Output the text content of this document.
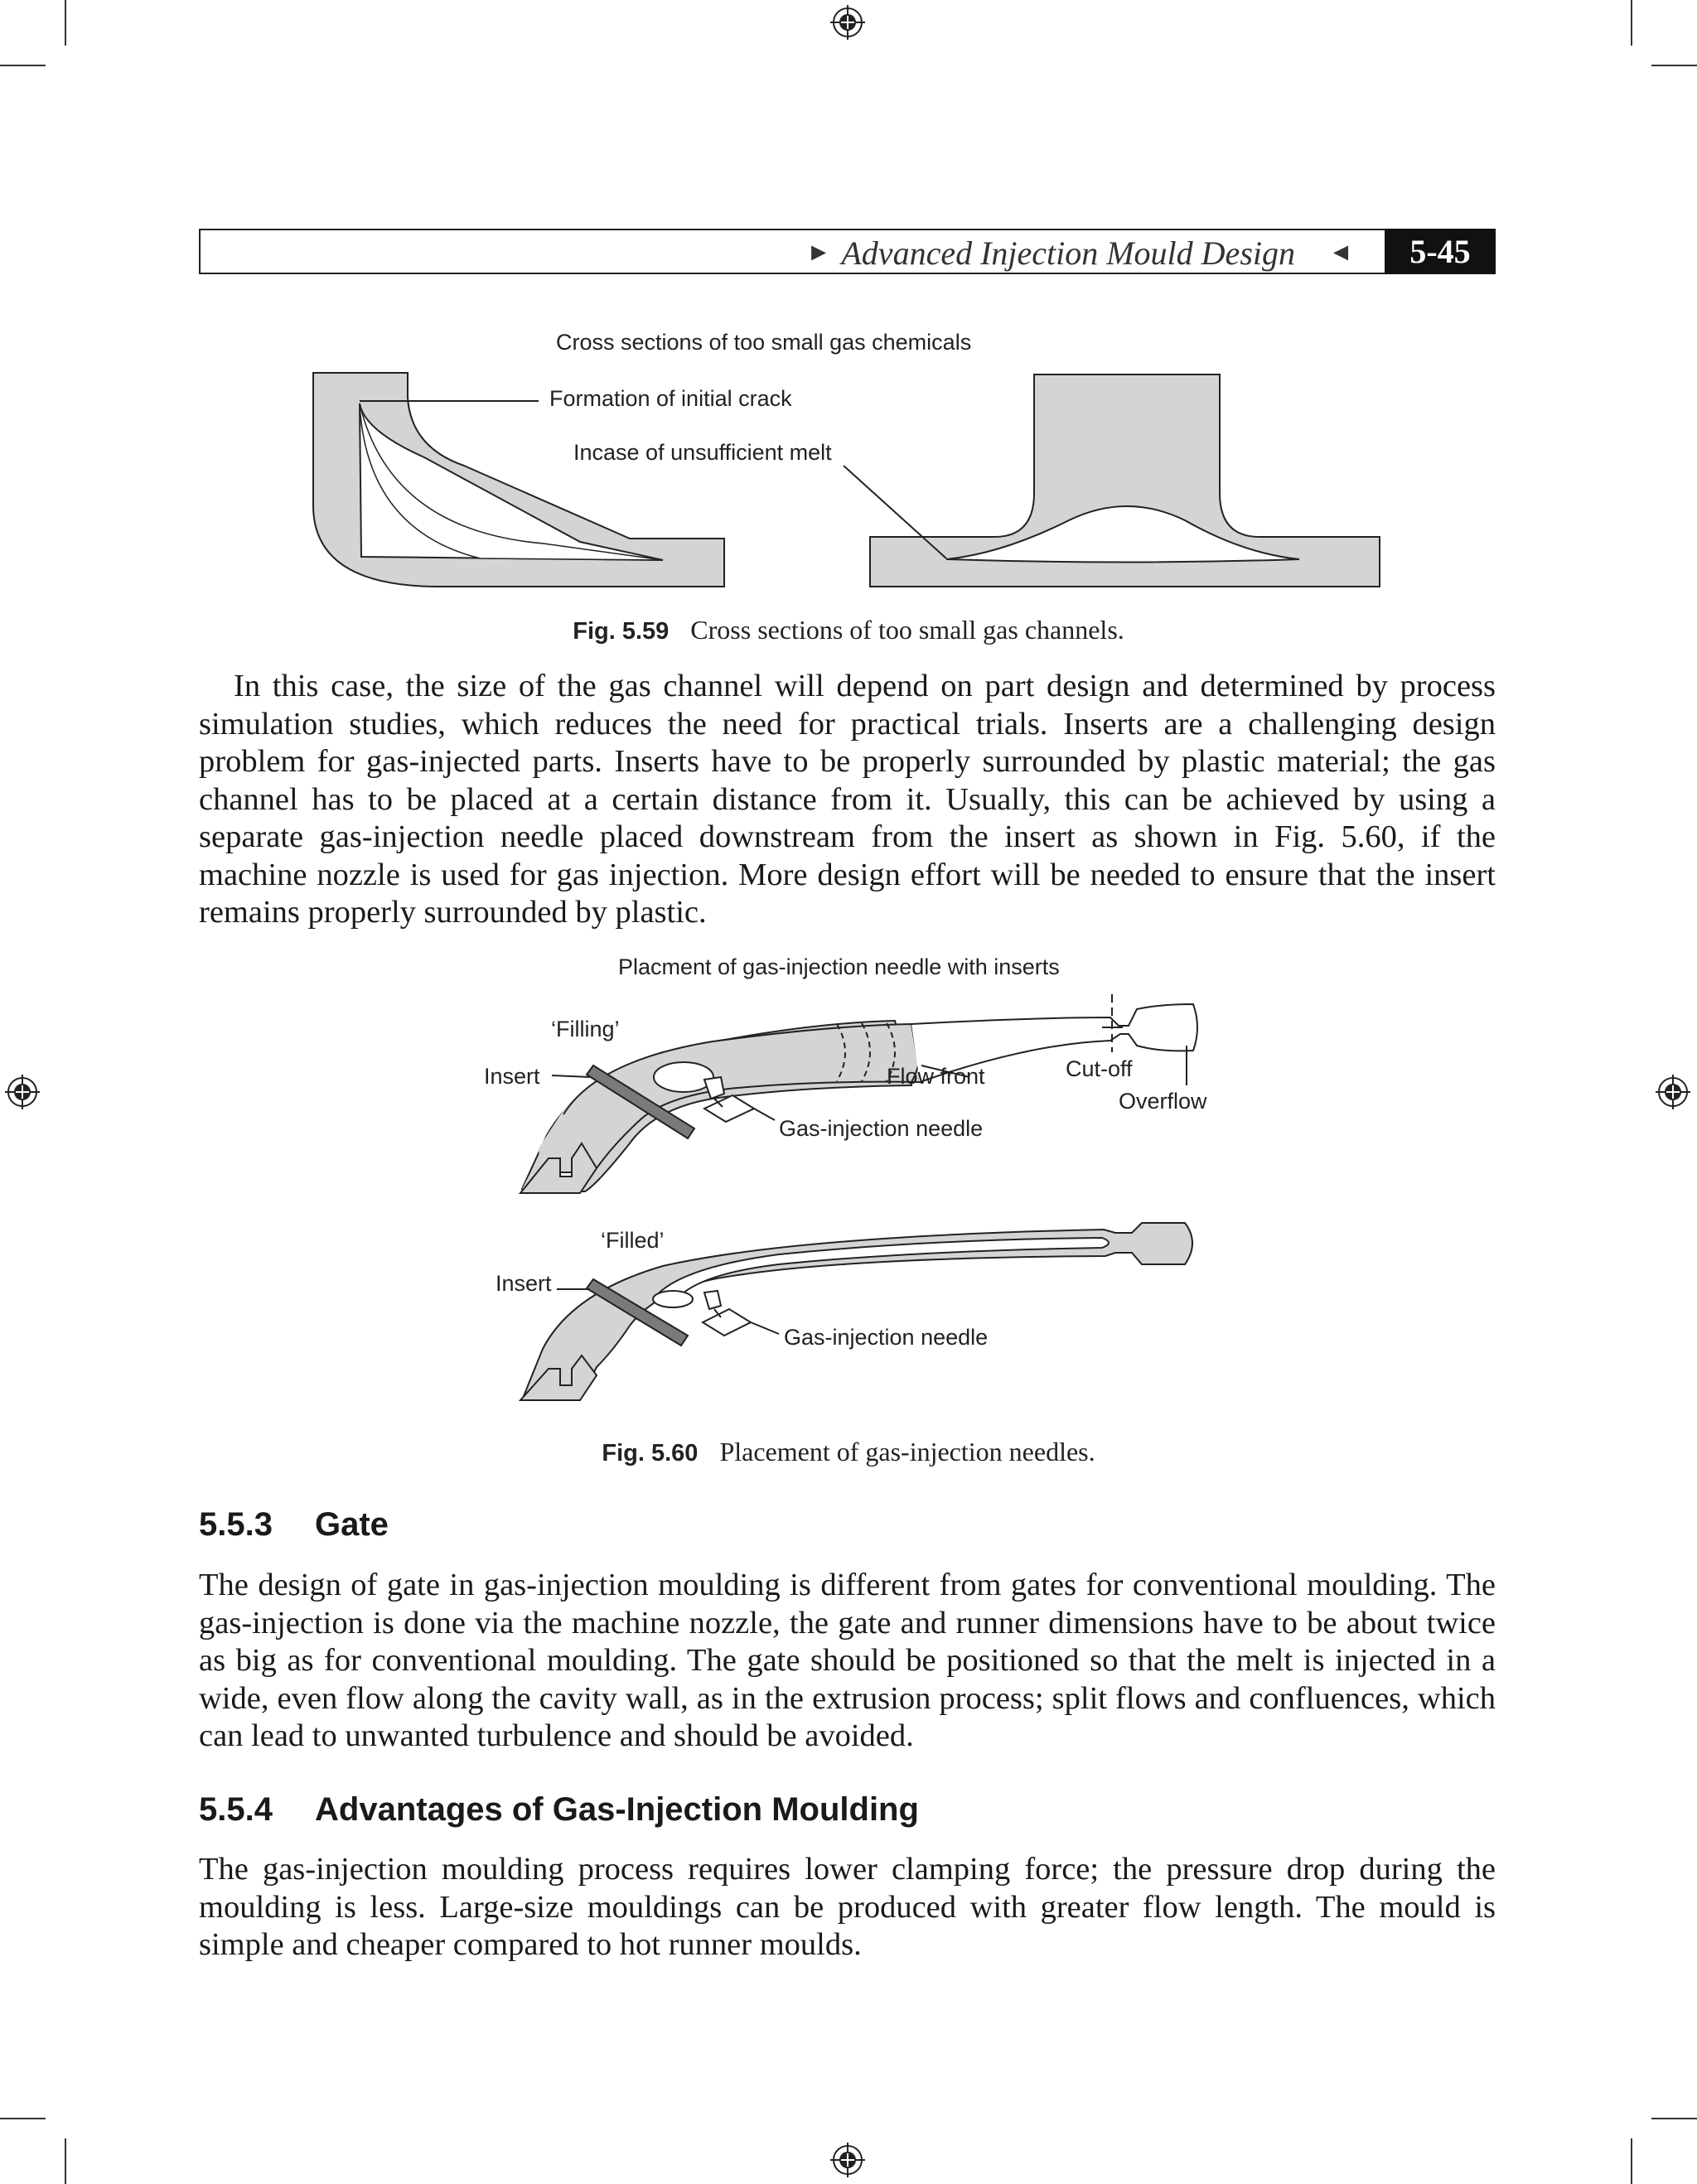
► Advanced Injection Mould Design ◄	5-45
Cross sections of too small gas chemicals
Formation of initial crack
Incase of unsufficient melt
Fig. 5.59 Cross sections of too small gas channels.

In this case, the size of the gas channel will depend on part design and determined by process simulation studies, which reduces the need for practical trials. Inserts are a challenging design problem for gas-injected parts. Inserts have to be properly surrounded by plastic material; the gas channel has to be placed at a certain distance from it. Usually, this can be achieved by using a separate gas-injection needle placed downstream from the insert as shown in Fig. 5.60, if the machine nozzle is used for gas injection. More design effort will be needed to ensure that the insert remains properly surrounded by plastic.

Placment of gas-injection needle with inserts
‘Filling’
Insert	Flow front	Cut-off
Overflow
Gas-injection needle
‘Filled’
Insert
Gas-injection needle
Fig. 5.60 Placement of gas-injection needles.
5.5.3 Gate

The design of gate in gas-injection moulding is different from gates for conventional moulding. The gas-injection is done via the machine nozzle, the gate and runner dimensions have to be about twice as big as for conventional moulding. The gate should be positioned so that the melt is injected in a wide, even flow along the cavity wall, as in the extrusion process; split flows and confluences, which can lead to unwanted turbulence and should be avoided.

5.5.4 Advantages of Gas-Injection Moulding

The gas-injection moulding process requires lower clamping force; the pressure drop during the moulding is less. Large-size mouldings can be produced with greater flow length. The mould is simple and cheaper compared to hot runner moulds.
